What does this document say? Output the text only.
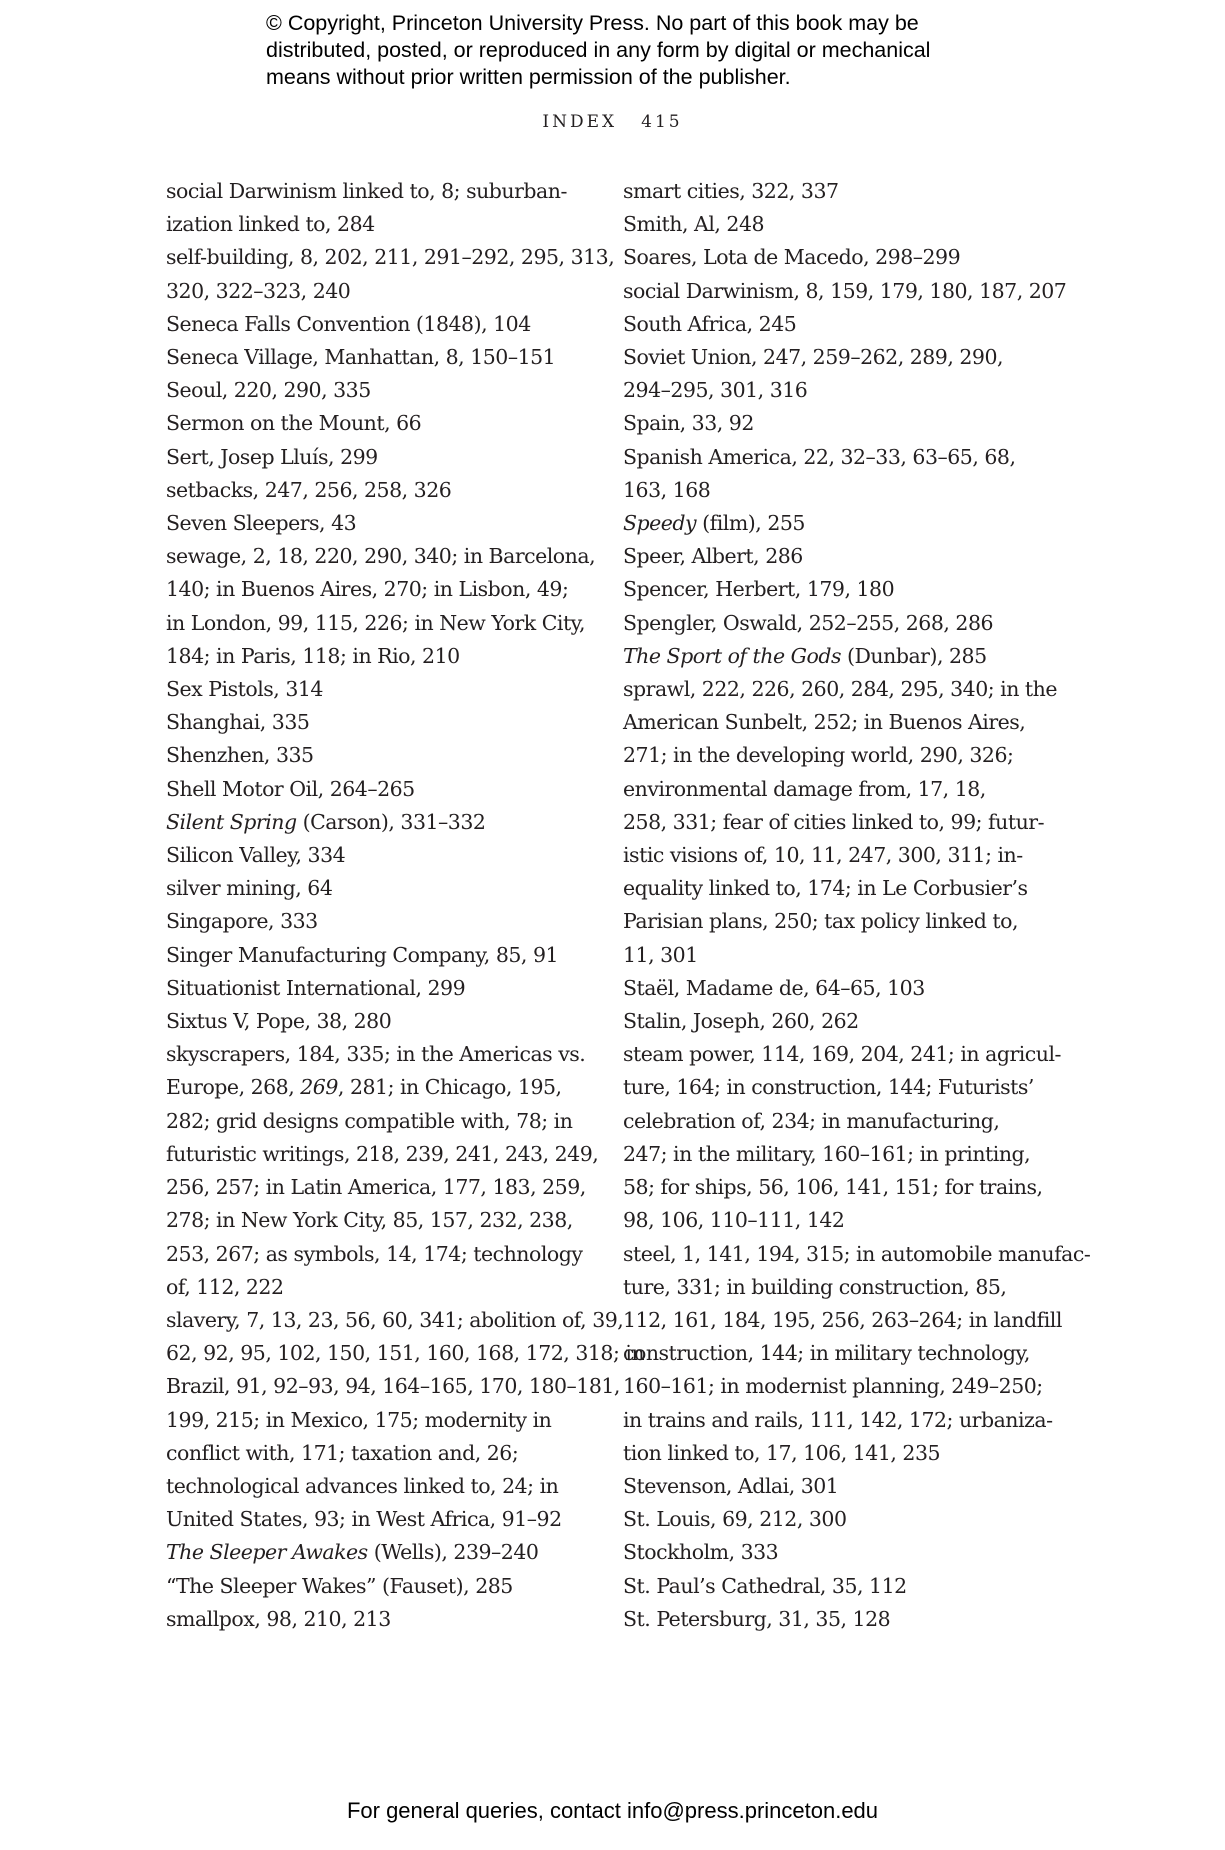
© Copyright, Princeton University Press. No part of this book may be

distributed, posted, or reproduced in any form by digital or mechanical

means without prior written permission of the publisher.

INDEX 415
social Darwinism linked to, 8; suburban-
ization linked to, 284
self-building, 8, 202, 211, 291–292, 295, 313,
320, 322–323, 240
Seneca Falls Convention (1848), 104
Seneca Village, Manhattan, 8, 150–151
Seoul, 220, 290, 335
Sermon on the Mount, 66
Sert, Josep Lluís, 299
setbacks, 247, 256, 258, 326
Seven Sleepers, 43
sewage, 2, 18, 220, 290, 340; in Barcelona,
140; in Buenos Aires, 270; in Lisbon, 49;
in London, 99, 115, 226; in New York City,
184; in Paris, 118; in Rio, 210
Sex Pistols, 314
Shanghai, 335
Shenzhen, 335
Shell Motor Oil, 264–265
Silent Spring (Carson), 331–332
Silicon Valley, 334
silver mining, 64
Singapore, 333
Singer Manufacturing Company, 85, 91
Situationist International, 299
Sixtus V, Pope, 38, 280
skyscrapers, 184, 335; in the Americas vs.
Europe, 268, 269, 281; in Chicago, 195,
282; grid designs compatible with, 78; in
futuristic writings, 218, 239, 241, 243, 249,
256, 257; in Latin America, 177, 183, 259,
278; in New York City, 85, 157, 232, 238,
253, 267; as symbols, 14, 174; technology
of, 112, 222
slavery, 7, 13, 23, 56, 60, 341; abolition of, 39,
62, 92, 95, 102, 150, 151, 160, 168, 172, 318; in
Brazil, 91, 92–93, 94, 164–165, 170, 180–181,
199, 215; in Mexico, 175; modernity in
conflict with, 171; taxation and, 26;
technological advances linked to, 24; in
United States, 93; in West Africa, 91–92
The Sleeper Awakes (Wells), 239–240
“The Sleeper Wakes” (Fauset), 285
smallpox, 98, 210, 213
smart cities, 322, 337
Smith, Al, 248
Soares, Lota de Macedo, 298–299
social Darwinism, 8, 159, 179, 180, 187, 207
South Africa, 245
Soviet Union, 247, 259–262, 289, 290,
294–295, 301, 316
Spain, 33, 92
Spanish America, 22, 32–33, 63–65, 68,
163, 168
Speedy (film), 255
Speer, Albert, 286
Spencer, Herbert, 179, 180
Spengler, Oswald, 252–255, 268, 286
The Sport of the Gods (Dunbar), 285
sprawl, 222, 226, 260, 284, 295, 340; in the
American Sunbelt, 252; in Buenos Aires,
271; in the developing world, 290, 326;
environmental damage from, 17, 18,
258, 331; fear of cities linked to, 99; futur-
istic visions of, 10, 11, 247, 300, 311; in-
equality linked to, 174; in Le Corbusier’s
Parisian plans, 250; tax policy linked to,
11, 301
Staël, Madame de, 64–65, 103
Stalin, Joseph, 260, 262
steam power, 114, 169, 204, 241; in agricul-
ture, 164; in construction, 144; Futurists’
celebration of, 234; in manufacturing,
247; in the military, 160–161; in printing,
58; for ships, 56, 106, 141, 151; for trains,
98, 106, 110–111, 142
steel, 1, 141, 194, 315; in automobile manufac-
ture, 331; in building construction, 85,
112, 161, 184, 195, 256, 263–264; in landfill
construction, 144; in military technology,
160–161; in modernist planning, 249–250;
in trains and rails, 111, 142, 172; urbaniza-
tion linked to, 17, 106, 141, 235
Stevenson, Adlai, 301
St. Louis, 69, 212, 300
Stockholm, 333
St. Paul’s Cathedral, 35, 112
St. Petersburg, 31, 35, 128
For general queries, contact info@press.princeton.edu
